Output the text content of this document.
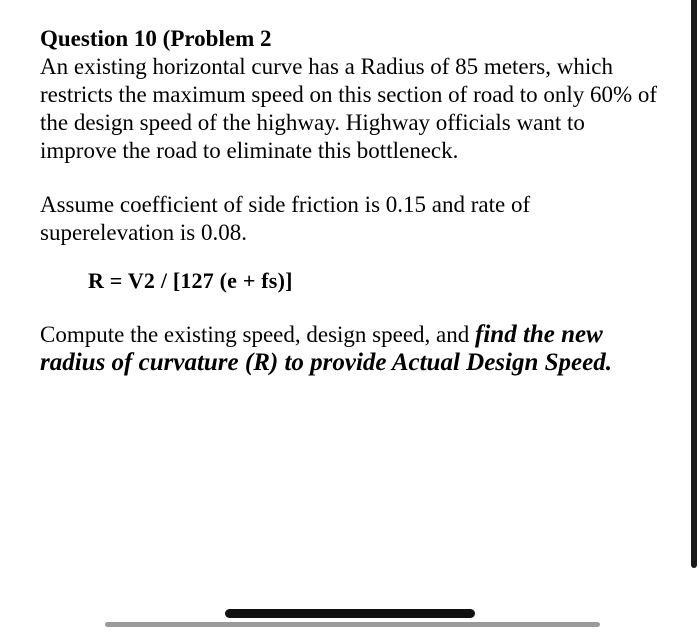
Question 10 (Problem 2

An existing horizontal curve has a Radius of 85 meters, which restricts the maximum speed on this section of road to only 60% of the design speed of the highway. Highway officials want to improve the road to eliminate this bottleneck.

Assume coefficient of side friction is 0.15 and rate of superelevation is 0.08.

R = V2 / [127 (e + fs)]

Compute the existing speed, design speed, and find the new radius of curvature (R) to provide Actual Design Speed.
